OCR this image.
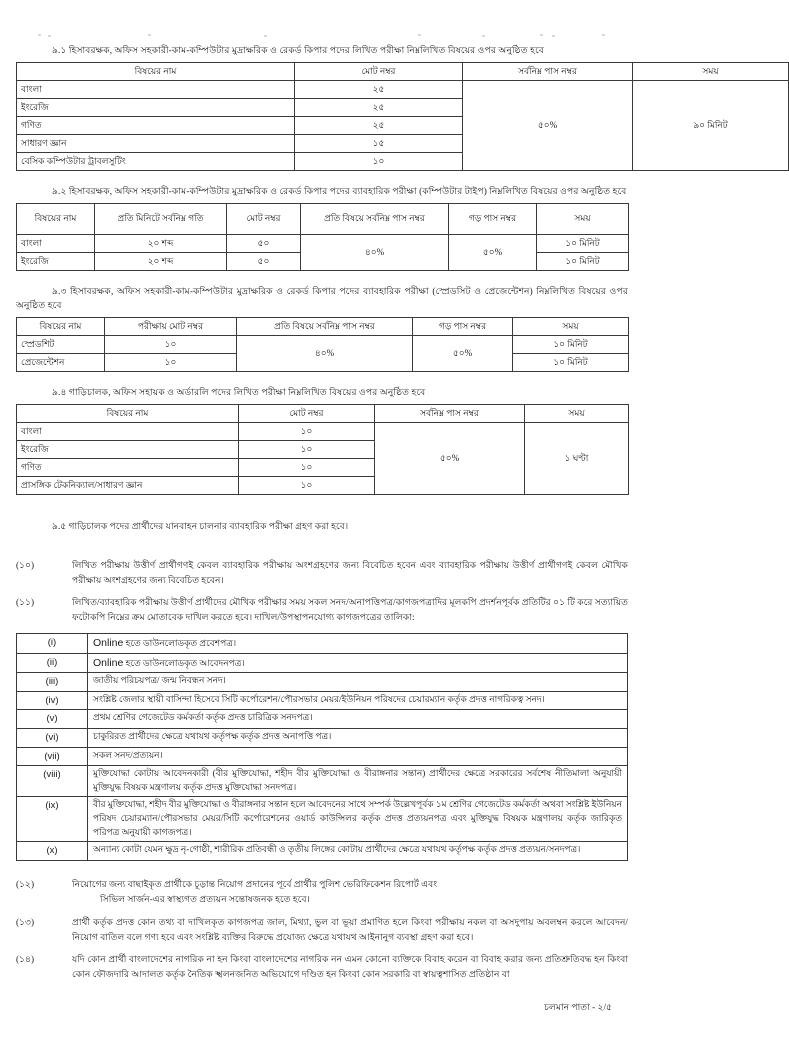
৯.১ হিসাবরক্ষক, অফিস সহকারী-কাম-কম্পিউটার মুদ্রাক্ষরিক ও রেকর্ড কিপার পদের লিখিত পরীক্ষা নিম্নলিখিত বিষয়ের ওপর অনুষ্ঠিত হবে

বিষয়ের নাম	মোট নম্বর	সর্বনিম্ন পাস নম্বর	সময়
বাংলা	২৫	৫০%	৯০ মিনিট
ইংরেজি	২৫		
গণিত	২৫		
সাধারণ জ্ঞান	১৫		
বেসিক কম্পিউটার ট্রাবলসুটিং	১০		

৯.২ হিসাবরক্ষক, অফিস সহকারী-কাম-কম্পিউটার মুদ্রাক্ষরিক ও রেকর্ড কিপার পদের ব্যাবহারিক পরীক্ষা (কম্পিউটার টাইপ) নিম্নলিখিত বিষয়ের ওপর অনুষ্ঠিত হবে

বিষয়ের নাম	প্রতি মিনিটে সর্বনিম্ন গতি	মোট নম্বর	প্রতি বিষয়ে সর্বনিম্ন পাস নম্বর	গড় পাস নম্বর	সময়
বাংলা	২০ শব্দ	৫০	৪০%	৫০%	১০ মিনিট
ইংরেজি	২০ শব্দ	৫০			১০ মিনিট

৯.৩ হিসাবরক্ষক, অফিস সহকারী-কাম-কম্পিউটার মুদ্রাক্ষরিক ও রেকর্ড কিপার পদের ব্যাবহারিক পরীক্ষা (স্প্রেডসিট ও প্রেজেন্টেশন) নিম্নলিখিত বিষয়ের ওপর অনুষ্ঠিত হবে

বিষয়ের নাম	পরীক্ষায় মোট নম্বর	প্রতি বিষয়ে সর্বনিম্ন পাস নম্বর	গড় পাস নম্বর	সময়
স্প্রেডশিট	১০	৪০%	৫০%	১০ মিনিট
প্রেজেন্টেশন	১০			১০ মিনিট

৯.৪ গাড়িচালক, অফিস সহায়ক ও অর্ডারলি পদের লিখিত পরীক্ষা নিম্নলিখিত বিষয়ের ওপর অনুষ্ঠিত হবে

বিষয়ের নাম	মোট নম্বর	সর্বনিম্ন পাস নম্বর	সময়
বাংলা	১০	৫০%	১ ঘণ্টা
ইংরেজি	১০		
গণিত	১০		
প্রাসঙ্গিক টেকনিক্যাল/সাধারণ জ্ঞান	১০		

৯.৫ গাড়িচালক পদের প্রার্থীদের যানবাহন চালনার ব্যাবহারিক পরীক্ষা গ্রহণ করা হবে।

(১০)	লিখিত পরীক্ষায় উত্তীর্ণ প্রার্থীগণই কেবল ব্যাবহারিক পরীক্ষায় অংশগ্রহণের জন্য বিবেচিত হবেন এবং ব্যাবহারিক পরীক্ষায় উত্তীর্ণ প্রার্থীগণই কেবল মৌখিক পরীক্ষায় অংশগ্রহণের জন্য বিবেচিত হবেন।

(১১)	লিখিত/ব্যাবহারিক পরীক্ষায় উত্তীর্ণ প্রার্থীদের মৌখিক পরীক্ষার সময় সকল সনদ/অনাপত্তিপত্র/কাগজপত্রাদির মূলকপি প্রদর্শনপূর্বক প্রতিটির ০১ টি করে সত্যায়িত ফটোকপি নিম্নের ক্রম মোতাবেক দাখিল করতে হবে। দাখিল/উপস্থাপনযোগ্য কাগজপত্রের তালিকা:

(i)	Online হতে ডাউনলোডকৃত প্রবেশপত্র।
(ii)	Online হতে ডাউনলোডকৃত আবেদনপত্র।
(iii)	জাতীয় পরিচয়পত্র/ জন্ম নিবন্ধন সনদ।
(iv)	সংশ্লিষ্ট জেলার স্থায়ী বাসিন্দা হিসেবে সিটি কর্পোরেশন/পৌরসভার মেয়র/ইউনিয়ন পরিষদের চেয়ারম্যান কর্তৃক প্রদত্ত নাগরিকত্ব সনদ।
(v)	প্রথম শ্রেণির গেজেটেড কর্মকর্তা কর্তৃক প্রদত্ত চারিত্রিক সনদপত্র।
(vi)	চাকুরিরত প্রার্থীদের ক্ষেত্রে যথাযথ কর্তৃপক্ষ কর্তৃক প্রদত্ত অনাপত্তি পত্র।
(vii)	সকল সনদ/প্রত্যয়ন।
(viii)	মুক্তিযোদ্ধা কোটায় আবেদনকারী (বীর মুক্তিযোদ্ধা, শহীদ বীর মুক্তিযোদ্ধা ও বীরাঙ্গনার সন্তান) প্রার্থীদের ক্ষেত্রে সরকারের সর্বশেষ নীতিমালা অনুযায়ী মুক্তিযুদ্ধ বিষয়ক মন্ত্রণালয় কর্তৃক প্রদত্ত মুক্তিযোদ্ধা সনদপত্র।
(ix)	বীর মুক্তিযোদ্ধা, শহীদ বীর মুক্তিযোদ্ধা ও বীরাঙ্গনার সন্তান হলে আবেদনের সাথে সম্পর্ক উল্লেখপূর্বক ১ম শ্রেণির গেজেটেড কর্মকর্তা অথবা সংশ্লিষ্ট ইউনিয়ন পরিষদ চেয়ারম্যান/পৌরসভার মেয়র/সিটি কর্পোরেশনের ওয়ার্ড কাউন্সিলর কর্তৃক প্রদত্ত প্রত্যয়নপত্র এবং মুক্তিযুদ্ধ বিষয়ক মন্ত্রণালয় কর্তৃক জারিকৃত পরিপত্র অনুযায়ী কাগজপত্র।
(x)	অন্যান্য কোটা যেমন ক্ষুদ্র নৃ-গোষ্ঠী, শারীরিক প্রতিবন্ধী ও তৃতীয় লিঙ্গের কোটায় প্রার্থীদের ক্ষেত্রে যথাযথ কর্তৃপক্ষ কর্তৃক প্রদত্ত প্রত্যয়ন/সনদপত্র।

(১২)	নিয়োগের জন্য বাছাইকৃত প্রার্থীকে চূড়ান্ত নিয়োগ প্রদানের পূর্বে প্রার্থীর পুলিশ ভেরিফিকেশন রিপোর্ট এবং
সিভিল সার্জন-এর স্বাস্থ্যগত প্রত্যয়ন সন্তোষজনক হতে হবে।

(১৩)	প্রার্থী কর্তৃক প্রদত্ত কোন তথ্য বা দাখিলকৃত কাগজপত্র জাল, মিথ্যা, ভুল বা ভূয়া প্রমাণিত হলে কিংবা পরীক্ষায় নকল বা অসদুপায় অবলম্বন করলে আবেদন/নিয়োগ বাতিল বলে গণ্য হবে এবং সংশ্লিষ্ট ব্যক্তির বিরুদ্ধে প্রযোজ্য ক্ষেত্রে যথাযথ আইনানুগ ব্যবস্থা গ্রহণ করা হবে।

(১৪)	যদি কোন প্রার্থী বাংলাদেশের নাগরিক না হন কিংবা বাংলাদেশের নাগরিক নন এমন কোনো ব্যক্তিকে বিবাহ করেন বা বিবাহ করার জন্য প্রতিশ্রুতিবদ্ধ হন কিংবা কোন ফৌজদারি আদালত কর্তৃক নৈতিক স্খলনজনিত অভিযোগে দণ্ডিত হন কিংবা কোন সরকারি বা স্বায়ত্বশাসিত প্রতিষ্ঠান বা

চলমান পাতা - ২/৫
